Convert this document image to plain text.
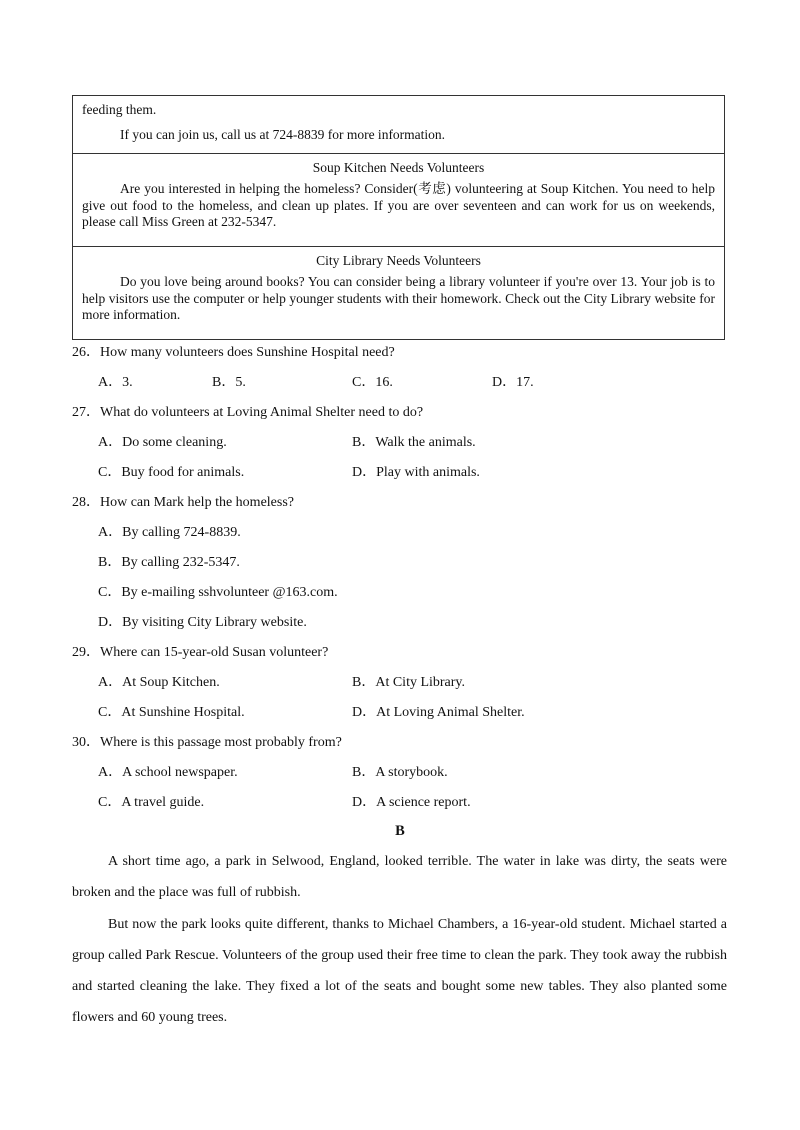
feeding them.

If you can join us, call us at 724-8839 for more information.

Soup Kitchen Needs Volunteers

Are you interested in helping the homeless? Consider(考虑) volunteering at Soup Kitchen. You need to help give out food to the homeless, and clean up plates. If you are over seventeen and can work for us on weekends, please call Miss Green at 232-5347.

City Library Needs Volunteers

Do you love being around books? You can consider being a library volunteer if you're over 13. Your job is to help visitors use the computer or help younger students with their homework. Check out the City Library website for more information.

26．How many volunteers does Sunshine Hospital need?
A．3.	B．5.	C．16.	D．17.
27．What do volunteers at Loving Animal Shelter need to do?
A．Do some cleaning.	B．Walk the animals.
C．Buy food for animals.	D．Play with animals.
28．How can Mark help the homeless?
A．By calling 724-8839.
B．By calling 232-5347.
C．By e-mailing sshvolunteer @163.com.
D．By visiting City Library website.
29．Where can 15-year-old Susan volunteer?
A．At Soup Kitchen.	B．At City Library.
C．At Sunshine Hospital.	D．At Loving Animal Shelter.
30．Where is this passage most probably from?
A．A school newspaper.	B．A storybook.
C．A travel guide.	D．A science report.
B

A short time ago, a park in Selwood, England, looked terrible. The water in lake was dirty, the seats were broken and the place was full of rubbish.

But now the park looks quite different, thanks to Michael Chambers, a 16-year-old student. Michael started a group called Park Rescue. Volunteers of the group used their free time to clean the park. They took away the rubbish and started cleaning the lake. They fixed a lot of the seats and bought some new tables. They also planted some flowers and 60 young trees.
